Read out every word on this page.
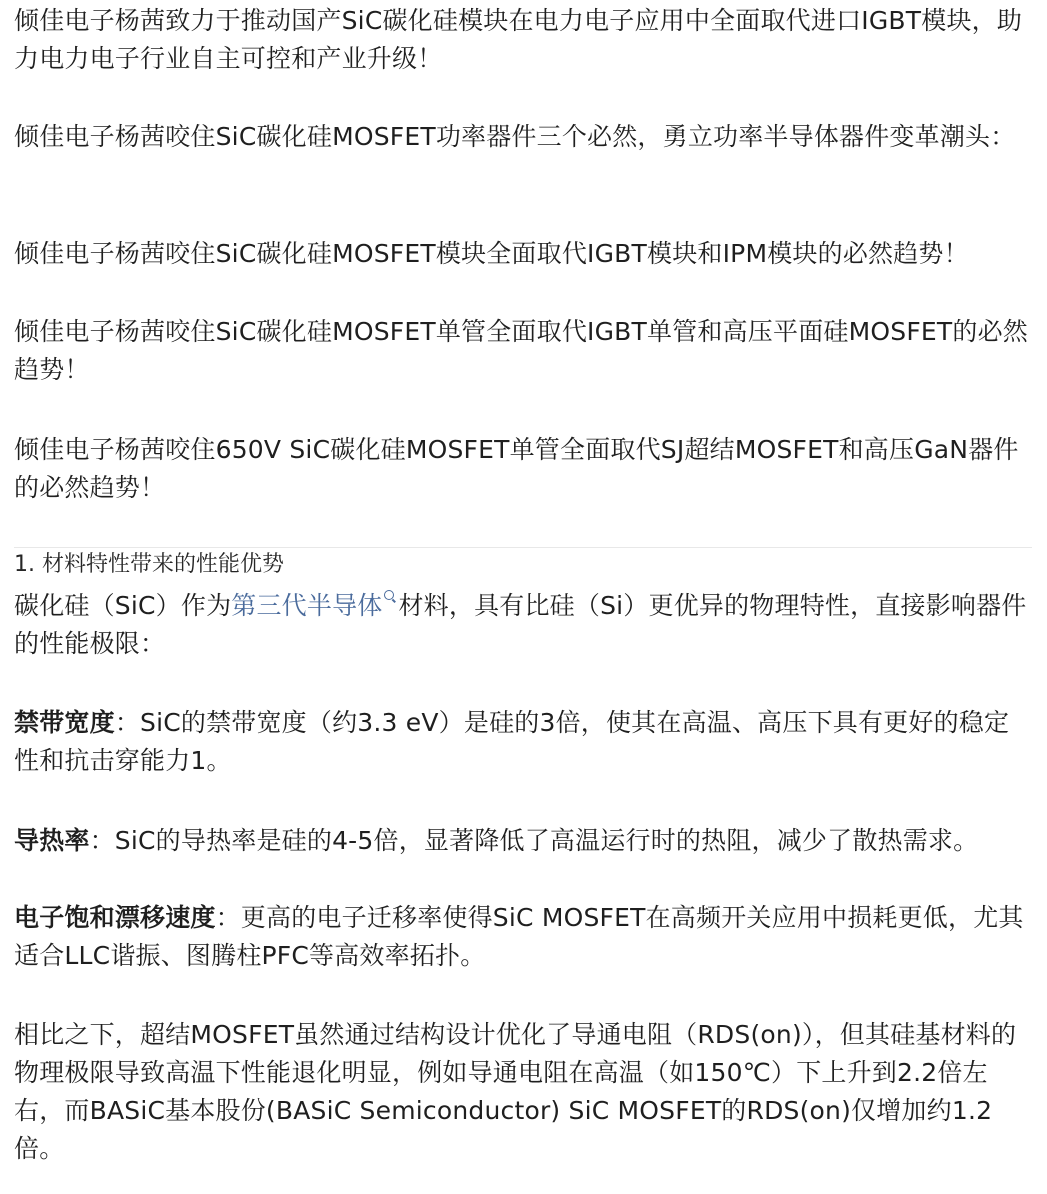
倾佳电子杨茜致力于推动国产SiC碳化硅模块在电力电子应用中全面取代进口IGBT模块，助力电力电子行业自主可控和产业升级！

倾佳电子杨茜咬住SiC碳化硅MOSFET功率器件三个必然，勇立功率半导体器件变革潮头：

倾佳电子杨茜咬住SiC碳化硅MOSFET模块全面取代IGBT模块和IPM模块的必然趋势！

倾佳电子杨茜咬住SiC碳化硅MOSFET单管全面取代IGBT单管和高压平面硅MOSFET的必然趋势！

倾佳电子杨茜咬住650V SiC碳化硅MOSFET单管全面取代SJ超结MOSFET和高压GaN器件的必然趋势！

1. 材料特性带来的性能优势

碳化硅（SiC）作为第三代半导体 材料，具有比硅（Si）更优异的物理特性，直接影响器件的性能极限：

禁带宽度：SiC的禁带宽度（约3.3 eV）是硅的3倍，使其在高温、高压下具有更好的稳定性和抗击穿能力1。

导热率：SiC的导热率是硅的4-5倍，显著降低了高温运行时的热阻，减少了散热需求。

电子饱和漂移速度：更高的电子迁移率使得SiC MOSFET在高频开关应用中损耗更低，尤其适合LLC谐振、图腾柱PFC等高效率拓扑。

相比之下，超结MOSFET虽然通过结构设计优化了导通电阻（RDS(on)），但其硅基材料的物理极限导致高温下性能退化明显，例如导通电阻在高温（如150℃）下上升到2.2倍左右，而BASiC基本股份(BASiC Semiconductor) SiC MOSFET的RDS(on)仅增加约1.2倍。
